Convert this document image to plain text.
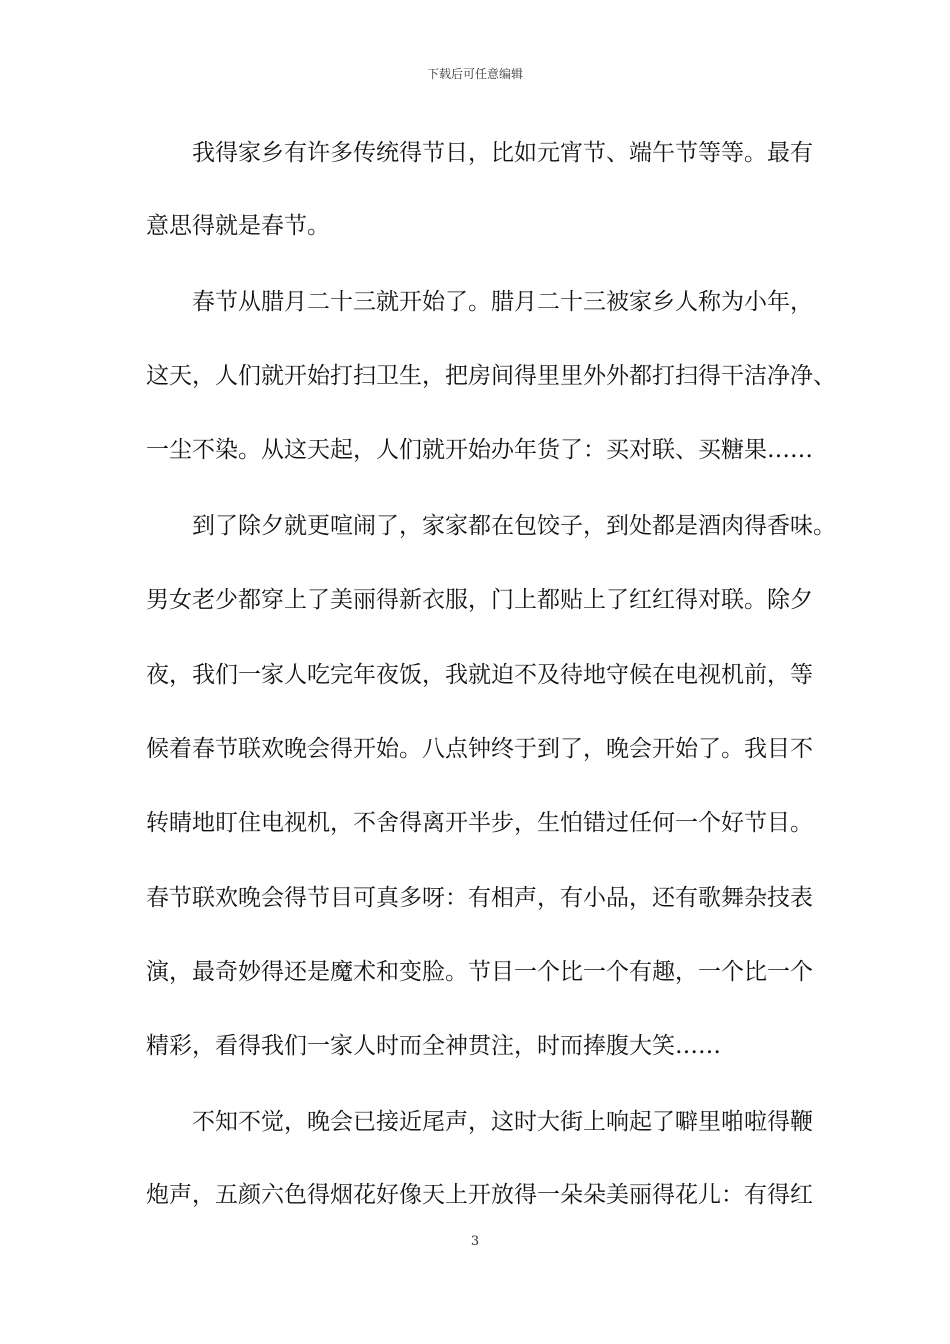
下载后可任意编辑
我得家乡有许多传统得节日，比如元宵节、端午节等等。最有
意思得就是春节。
春节从腊月二十三就开始了。腊月二十三被家乡人称为小年，
这天，人们就开始打扫卫生，把房间得里里外外都打扫得干洁净净、
一尘不染。从这天起，人们就开始办年货了：买对联、买糖果……
到了除夕就更喧闹了，家家都在包饺子，到处都是酒肉得香味。
男女老少都穿上了美丽得新衣服，门上都贴上了红红得对联。除夕
夜，我们一家人吃完年夜饭，我就迫不及待地守候在电视机前，等
候着春节联欢晚会得开始。八点钟终于到了，晚会开始了。我目不
转睛地盯住电视机，不舍得离开半步，生怕错过任何一个好节目。
春节联欢晚会得节目可真多呀：有相声，有小品，还有歌舞杂技表
演，最奇妙得还是魔术和变脸。节目一个比一个有趣，一个比一个
精彩，看得我们一家人时而全神贯注，时而捧腹大笑……
不知不觉，晚会已接近尾声，这时大街上响起了噼里啪啦得鞭
炮声，五颜六色得烟花好像天上开放得一朵朵美丽得花儿：有得红
3
